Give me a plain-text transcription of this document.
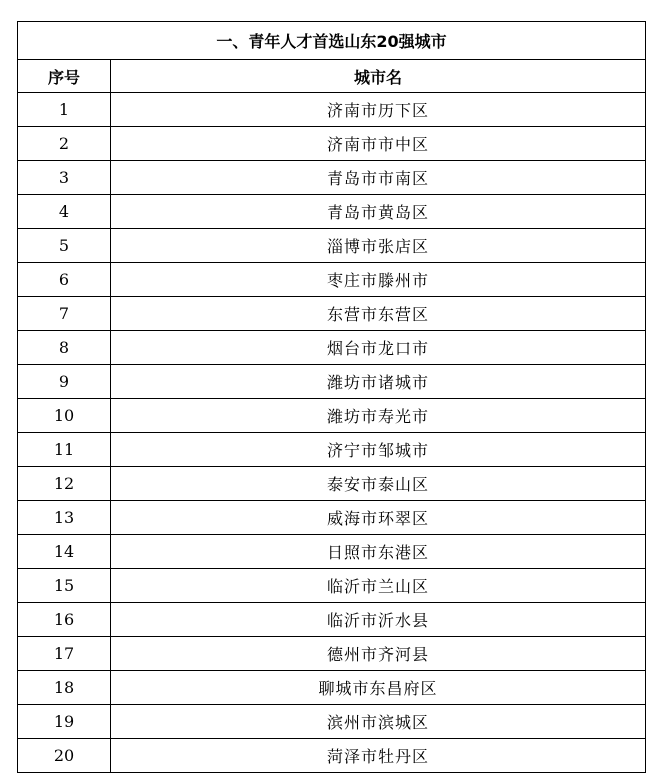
一、青年人才首选山东20强城市	
序号	城市名
1	济南市历下区
2	济南市市中区
3	青岛市市南区
4	青岛市黄岛区
5	淄博市张店区
6	枣庄市滕州市
7	东营市东营区
8	烟台市龙口市
9	潍坊市诸城市
10	潍坊市寿光市
11	济宁市邹城市
12	泰安市泰山区
13	威海市环翠区
14	日照市东港区
15	临沂市兰山区
16	临沂市沂水县
17	德州市齐河县
18	聊城市东昌府区
19	滨州市滨城区
20	菏泽市牡丹区
